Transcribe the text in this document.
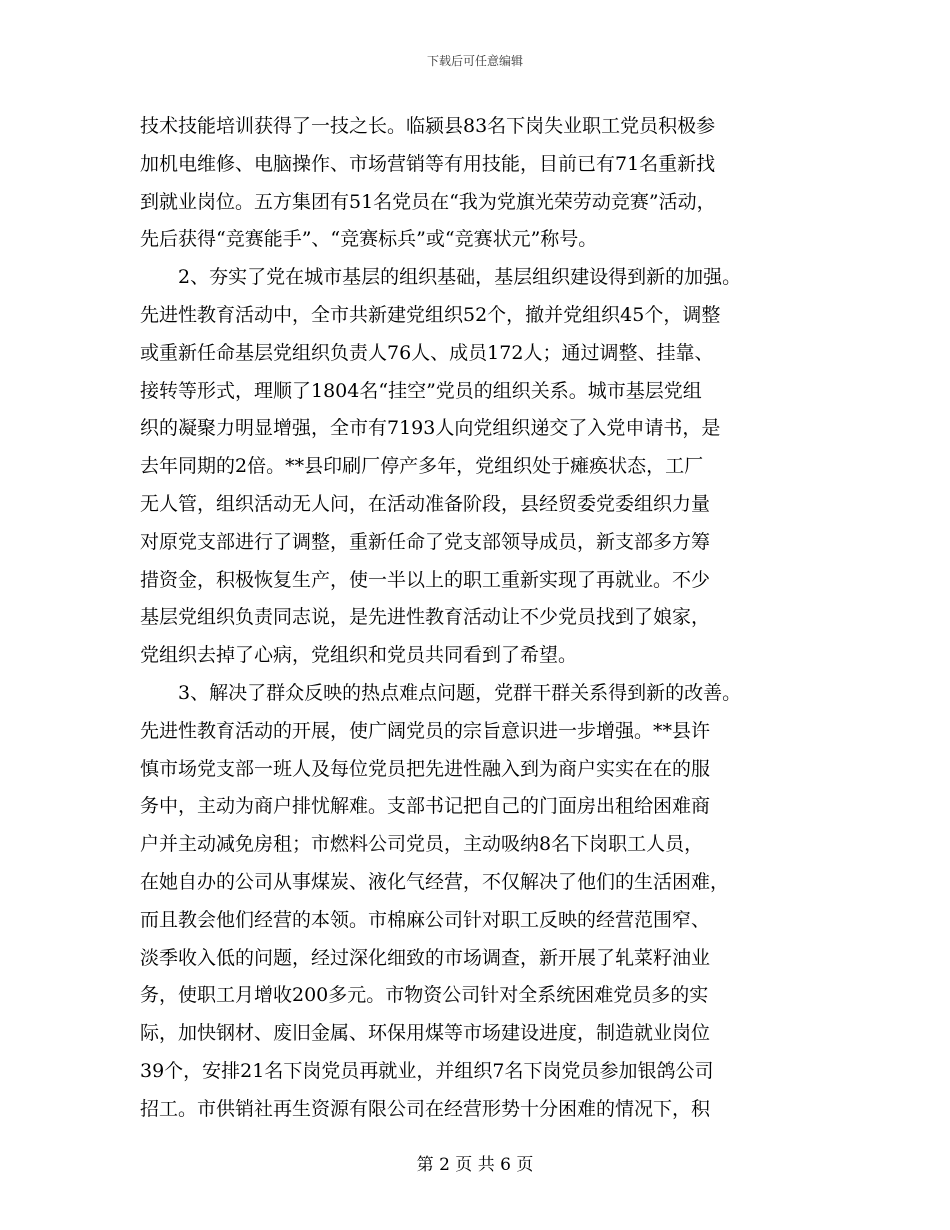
下载后可任意编辑
技术技能培训获得了一技之长。临颍县83名下岗失业职工党员积极参
加机电维修、电脑操作、市场营销等有用技能，目前已有71名重新找
到就业岗位。五方集团有51名党员在“我为党旗光荣劳动竞赛”活动，
先后获得“竞赛能手”、“竞赛标兵”或“竞赛状元”称号。
　　2、夯实了党在城市基层的组织基础，基层组织建设得到新的加强。
先进性教育活动中，全市共新建党组织52个，撤并党组织45个，调整
或重新任命基层党组织负责人76人、成员172人；通过调整、挂靠、
接转等形式，理顺了1804名“挂空”党员的组织关系。城市基层党组
织的凝聚力明显增强，全市有7193人向党组织递交了入党申请书，是
去年同期的2倍。**县印刷厂停产多年，党组织处于瘫痪状态，工厂
无人管，组织活动无人问，在活动准备阶段，县经贸委党委组织力量
对原党支部进行了调整，重新任命了党支部领导成员，新支部多方筹
措资金，积极恢复生产，使一半以上的职工重新实现了再就业。不少
基层党组织负责同志说，是先进性教育活动让不少党员找到了娘家，
党组织去掉了心病，党组织和党员共同看到了希望。
　　3、解决了群众反映的热点难点问题，党群干群关系得到新的改善。
先进性教育活动的开展，使广阔党员的宗旨意识进一步增强。**县许
慎市场党支部一班人及每位党员把先进性融入到为商户实实在在的服
务中，主动为商户排忧解难。支部书记把自己的门面房出租给困难商
户并主动减免房租；市燃料公司党员，主动吸纳8名下岗职工人员，
在她自办的公司从事煤炭、液化气经营，不仅解决了他们的生活困难，
而且教会他们经营的本领。市棉麻公司针对职工反映的经营范围窄、
淡季收入低的问题，经过深化细致的市场调查，新开展了轧菜籽油业
务，使职工月增收200多元。市物资公司针对全系统困难党员多的实
际，加快钢材、废旧金属、环保用煤等市场建设进度，制造就业岗位
39个，安排21名下岗党员再就业，并组织7名下岗党员参加银鸽公司
招工。市供销社再生资源有限公司在经营形势十分困难的情况下，积
第 2 页 共 6 页
